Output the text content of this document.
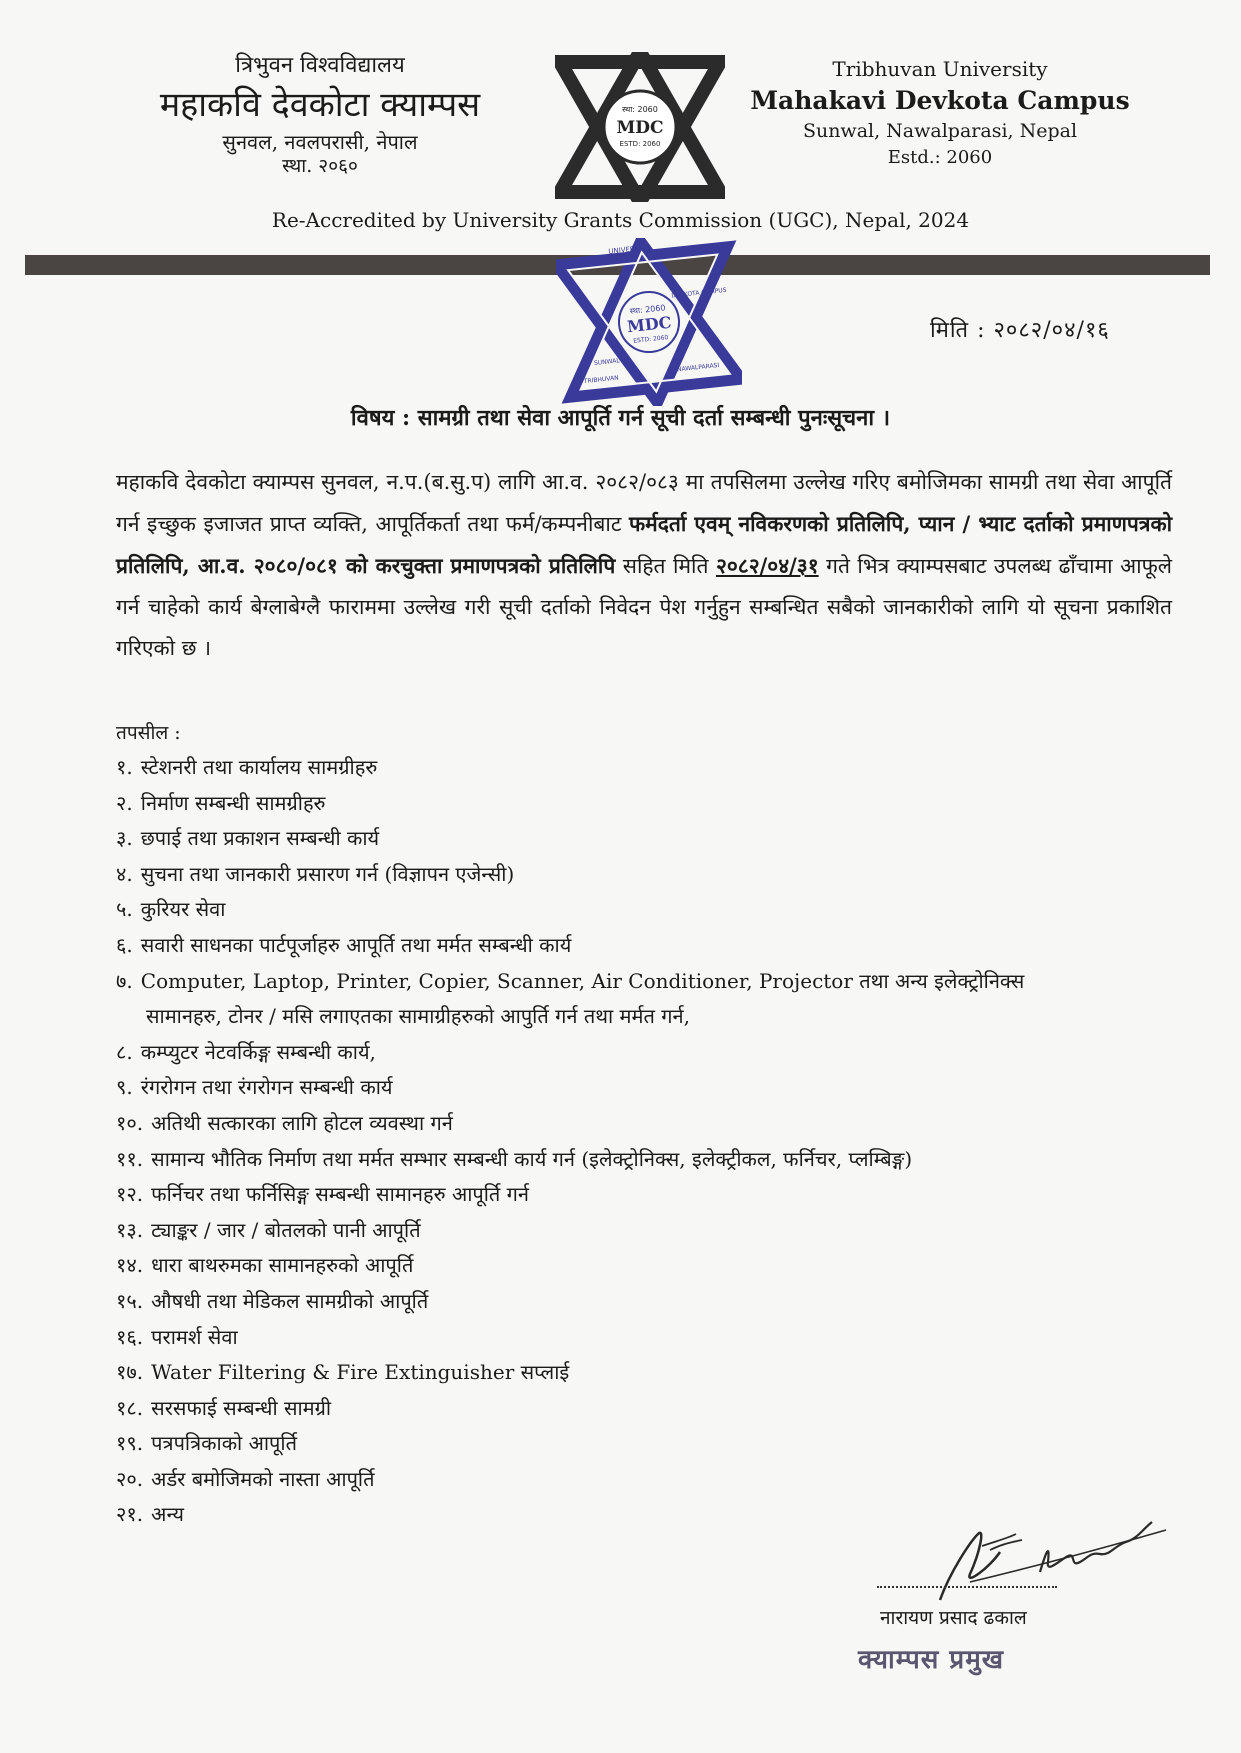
त्रिभुवन विश्वविद्यालय
महाकवि देवकोटा क्याम्पस
सुनवल, नवलपरासी, नेपाल
स्था. २०६०
स्था: 2060
MDC
ESTD: 2060
Tribhuvan University
Mahakavi Devkota Campus
Sunwal, Nawalparasi, Nepal
Estd.: 2060
Re-Accredited by University Grants Commission (UGC), Nepal, 2024
स्था: 2060
MDC
ESTD: 2060
UNIVERSITY
TRIBHUVAN
DEVKOTA CAMPUS
SUNWAL	NAWALPARASI
मिति : २०८२/०४/१६
विषय : सामग्री तथा सेवा आपूर्ति गर्न सूची दर्ता सम्बन्धी पुनःसूचना ।
महाकवि देवकोटा क्याम्पस सुनवल, न.प.(ब.सु.प) लागि आ.व. २०८२/०८३ मा तपसिलमा उल्लेख गरिए बमोजिमका सामग्री तथा सेवा आपूर्ति गर्न इच्छुक इजाजत प्राप्त व्यक्ति, आपूर्तिकर्ता तथा फर्म/कम्पनीबाट फर्मदर्ता एवम् नविकरणको प्रतिलिपि, प्यान / भ्याट दर्ताको प्रमाणपत्रको प्रतिलिपि, आ.व. २०८०/०८१ को करचुक्ता प्रमाणपत्रको प्रतिलिपि सहित मिति २०८२/०४/३१ गते भित्र क्याम्पसबाट उपलब्ध ढाँचामा आफूले गर्न चाहेको कार्य बेग्लाबेग्लै फाराममा उल्लेख गरी सूची दर्ताको निवेदन पेश गर्नुहुन सम्बन्धित सबैको जानकारीको लागि यो सूचना प्रकाशित गरिएको छ ।
तपसील :
१. स्टेशनरी तथा कार्यालय सामग्रीहरु
२. निर्माण सम्बन्धी सामग्रीहरु
३. छपाई तथा प्रकाशन सम्बन्धी कार्य
४. सुचना तथा जानकारी प्रसारण गर्न (विज्ञापन एजेन्सी)
५. कुरियर सेवा
६. सवारी साधनका पार्टपूर्जाहरु आपूर्ति तथा मर्मत सम्बन्धी कार्य
७. Computer, Laptop, Printer, Copier, Scanner, Air Conditioner, Projector तथा अन्य इलेक्ट्रोनिक्स
सामानहरु, टोनर / मसि लगाएतका सामाग्रीहरुको आपुर्ति गर्न तथा मर्मत गर्न,
८. कम्प्युटर नेटवर्किङ्ग सम्बन्धी कार्य,
९. रंगरोगन तथा रंगरोगन सम्बन्धी कार्य
१०. अतिथी सत्कारका लागि होटल व्यवस्था गर्न
११. सामान्य भौतिक निर्माण तथा मर्मत सम्भार सम्बन्धी कार्य गर्न (इलेक्ट्रोनिक्स, इलेक्ट्रीकल, फर्निचर, प्लम्बिङ्ग)
१२. फर्निचर तथा फर्निसिङ्ग सम्बन्धी सामानहरु आपूर्ति गर्न
१३. ट्याङ्कर / जार / बोतलको पानी आपूर्ति
१४. धारा बाथरुमका सामानहरुको आपूर्ति
१५. औषधी तथा मेडिकल सामग्रीको आपूर्ति
१६. परामर्श सेवा
१७. Water Filtering & Fire Extinguisher सप्लाई
१८. सरसफाई सम्बन्धी सामग्री
१९. पत्रपत्रिकाको आपूर्ति
२०. अर्डर बमोजिमको नास्ता आपूर्ति
२१. अन्य
नारायण प्रसाद ढकाल
क्याम्पस प्रमुख
